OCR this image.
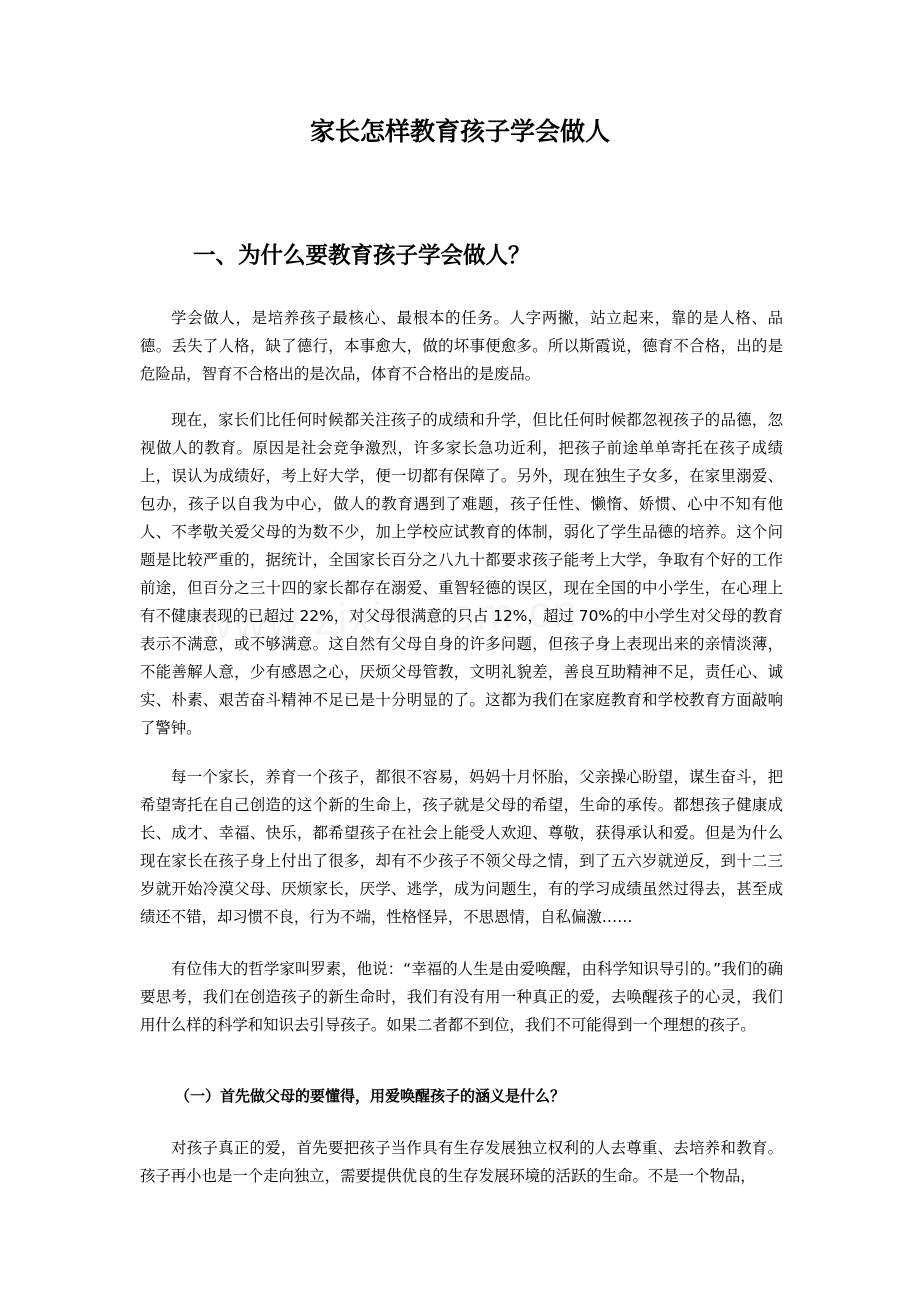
家长怎样教育孩子学会做人
一、为什么要教育孩子学会做人？

学会做人，是培养孩子最核心、最根本的任务。人字两撇，站立起来，靠的是人格、品德。丢失了人格，缺了德行，本事愈大，做的坏事便愈多。所以斯霞说，德育不合格，出的是危险品，智育不合格出的是次品，体育不合格出的是废品。

现在，家长们比任何时候都关注孩子的成绩和升学，但比任何时候都忽视孩子的品德，忽视做人的教育。原因是社会竞争激烈，许多家长急功近利，把孩子前途单单寄托在孩子成绩上，误认为成绩好，考上好大学，便一切都有保障了。另外，现在独生子女多，在家里溺爱、包办，孩子以自我为中心，做人的教育遇到了难题，孩子任性、懒惰、娇惯、心中不知有他人、不孝敬关爱父母的为数不少，加上学校应试教育的体制，弱化了学生品德的培养。这个问题是比较严重的，据统计，全国家长百分之八九十都要求孩子能考上大学，争取有个好的工作前途，但百分之三十四的家长都存在溺爱、重智轻德的误区，现在全国的中小学生，在心理上有不健康表现的已超过 22%，对父母很满意的只占 12%，超过 70%的中小学生对父母的教育表示不满意，或不够满意。这自然有父母自身的许多问题，但孩子身上表现出来的亲情淡薄，不能善解人意，少有感恩之心，厌烦父母管教，文明礼貌差，善良互助精神不足，责任心、诚实、朴素、艰苦奋斗精神不足已是十分明显的了。这都为我们在家庭教育和学校教育方面敲响了警钟。

每一个家长，养育一个孩子，都很不容易，妈妈十月怀胎，父亲操心盼望，谋生奋斗，把希望寄托在自己创造的这个新的生命上，孩子就是父母的希望，生命的承传。都想孩子健康成长、成才、幸福、快乐，都希望孩子在社会上能受人欢迎、尊敬，获得承认和爱。但是为什么现在家长在孩子身上付出了很多，却有不少孩子不领父母之情，到了五六岁就逆反，到十二三岁就开始冷漠父母、厌烦家长，厌学、逃学，成为问题生，有的学习成绩虽然过得去，甚至成绩还不错，却习惯不良，行为不端，性格怪异，不思恩情，自私偏激……

有位伟大的哲学家叫罗素，他说：“幸福的人生是由爱唤醒，由科学知识导引的。”我们的确要思考，我们在创造孩子的新生命时，我们有没有用一种真正的爱，去唤醒孩子的心灵，我们用什么样的科学和知识去引导孩子。如果二者都不到位，我们不可能得到一个理想的孩子。

（一）首先做父母的要懂得，用爱唤醒孩子的涵义是什么？

对孩子真正的爱，首先要把孩子当作具有生存发展独立权利的人去尊重、去培养和教育。孩子再小也是一个走向独立，需要提供优良的生存发展环境的活跃的生命。不是一个物品，
